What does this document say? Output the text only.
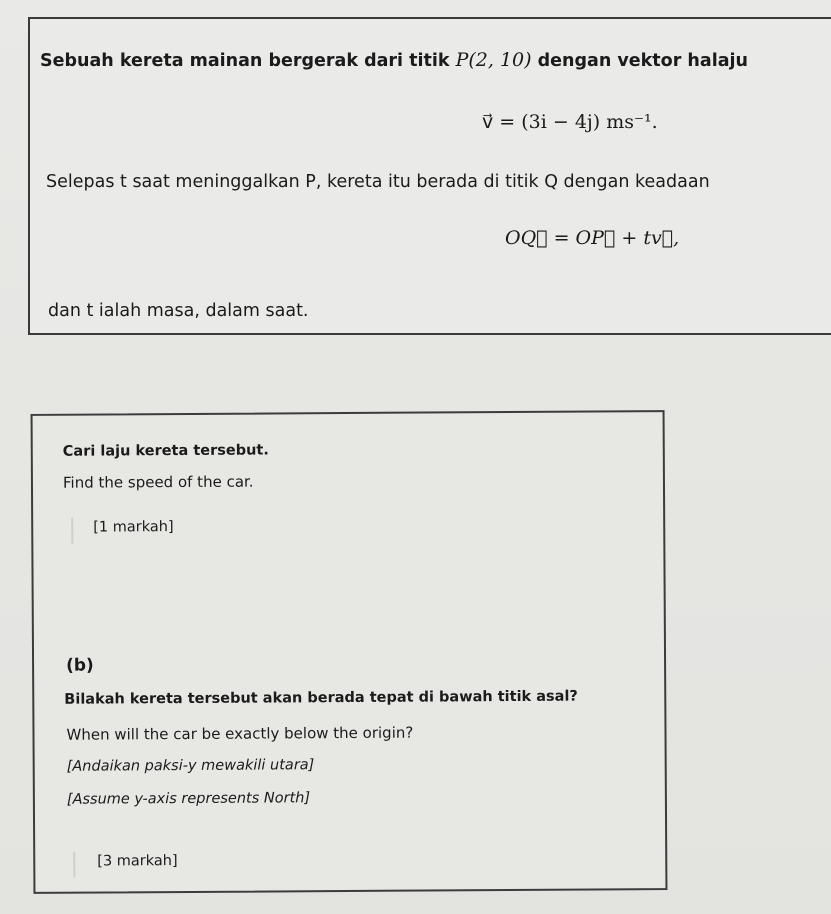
Sebuah kereta mainan bergerak dari titik P(2, 10) dengan vektor halaju
v⃗ = (3i − 4j) ms⁻¹.
Selepas t saat meninggalkan P, kereta itu berada di titik Q dengan keadaan
OQ⃗ = OP⃗ + tv⃗,
dan t ialah masa, dalam saat.
Cari laju kereta tersebut.
Find the speed of the car.
[1 markah]
(b)
Bilakah kereta tersebut akan berada tepat di bawah titik asal?
When will the car be exactly below the origin?
[Andaikan paksi-y mewakili utara]
[Assume y-axis represents North]
[3 markah]
